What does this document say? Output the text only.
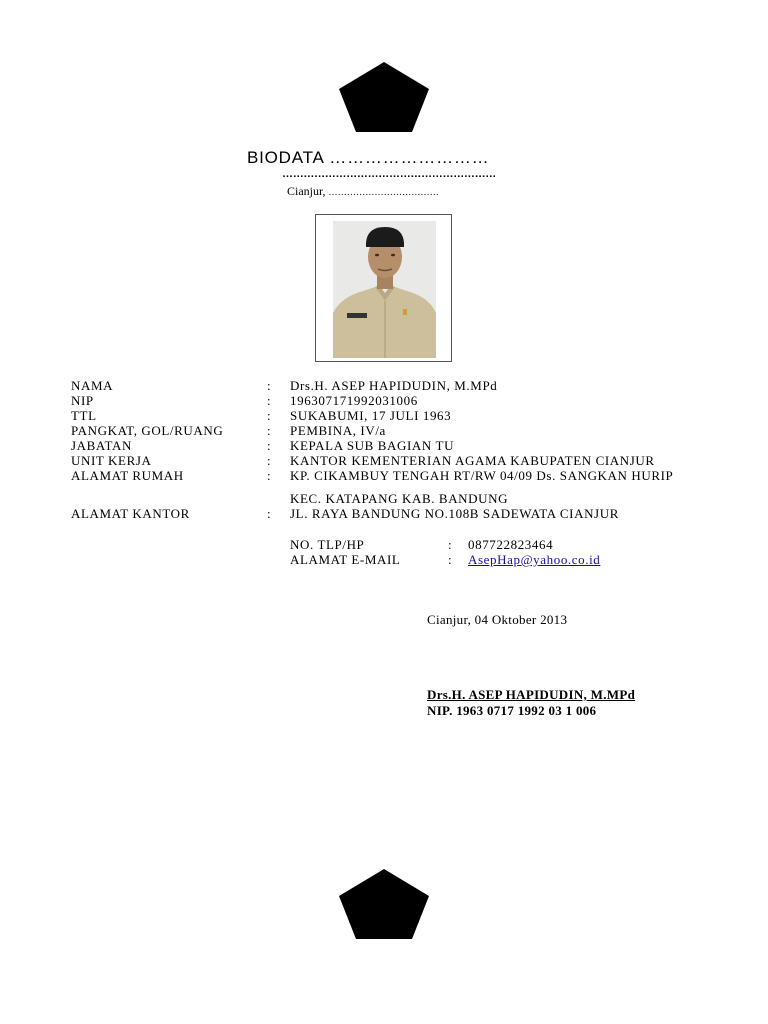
BIODATA ………………………
……………………………………………………
Cianjur, ………………………………
NAMA	: Drs.H. ASEP HAPIDUDIN, M.MPd
NIP	: 196307171992031006
TTL	: SUKABUMI, 17 JULI 1963
PANGKAT, GOL/RUANG	: PEMBINA, IV/a
JABATAN	: KEPALA SUB BAGIAN TU
UNIT KERJA	: KANTOR KEMENTERIAN AGAMA KABUPATEN CIANJUR
ALAMAT RUMAH	: KP. CIKAMBUY TENGAH RT/RW 04/09 Ds. SANGKAN HURIP
KEC. KATAPANG KAB. BANDUNG
ALAMAT KANTOR	: JL. RAYA BANDUNG NO.108B SADEWATA CIANJUR
NO. TLP/HP	: 087722823464
ALAMAT E-MAIL	: AsepHap@yahoo.co.id
Cianjur, 04 Oktober 2013
Drs.H. ASEP HAPIDUDIN, M.MPd
NIP. 1963 0717 1992 03 1 006
